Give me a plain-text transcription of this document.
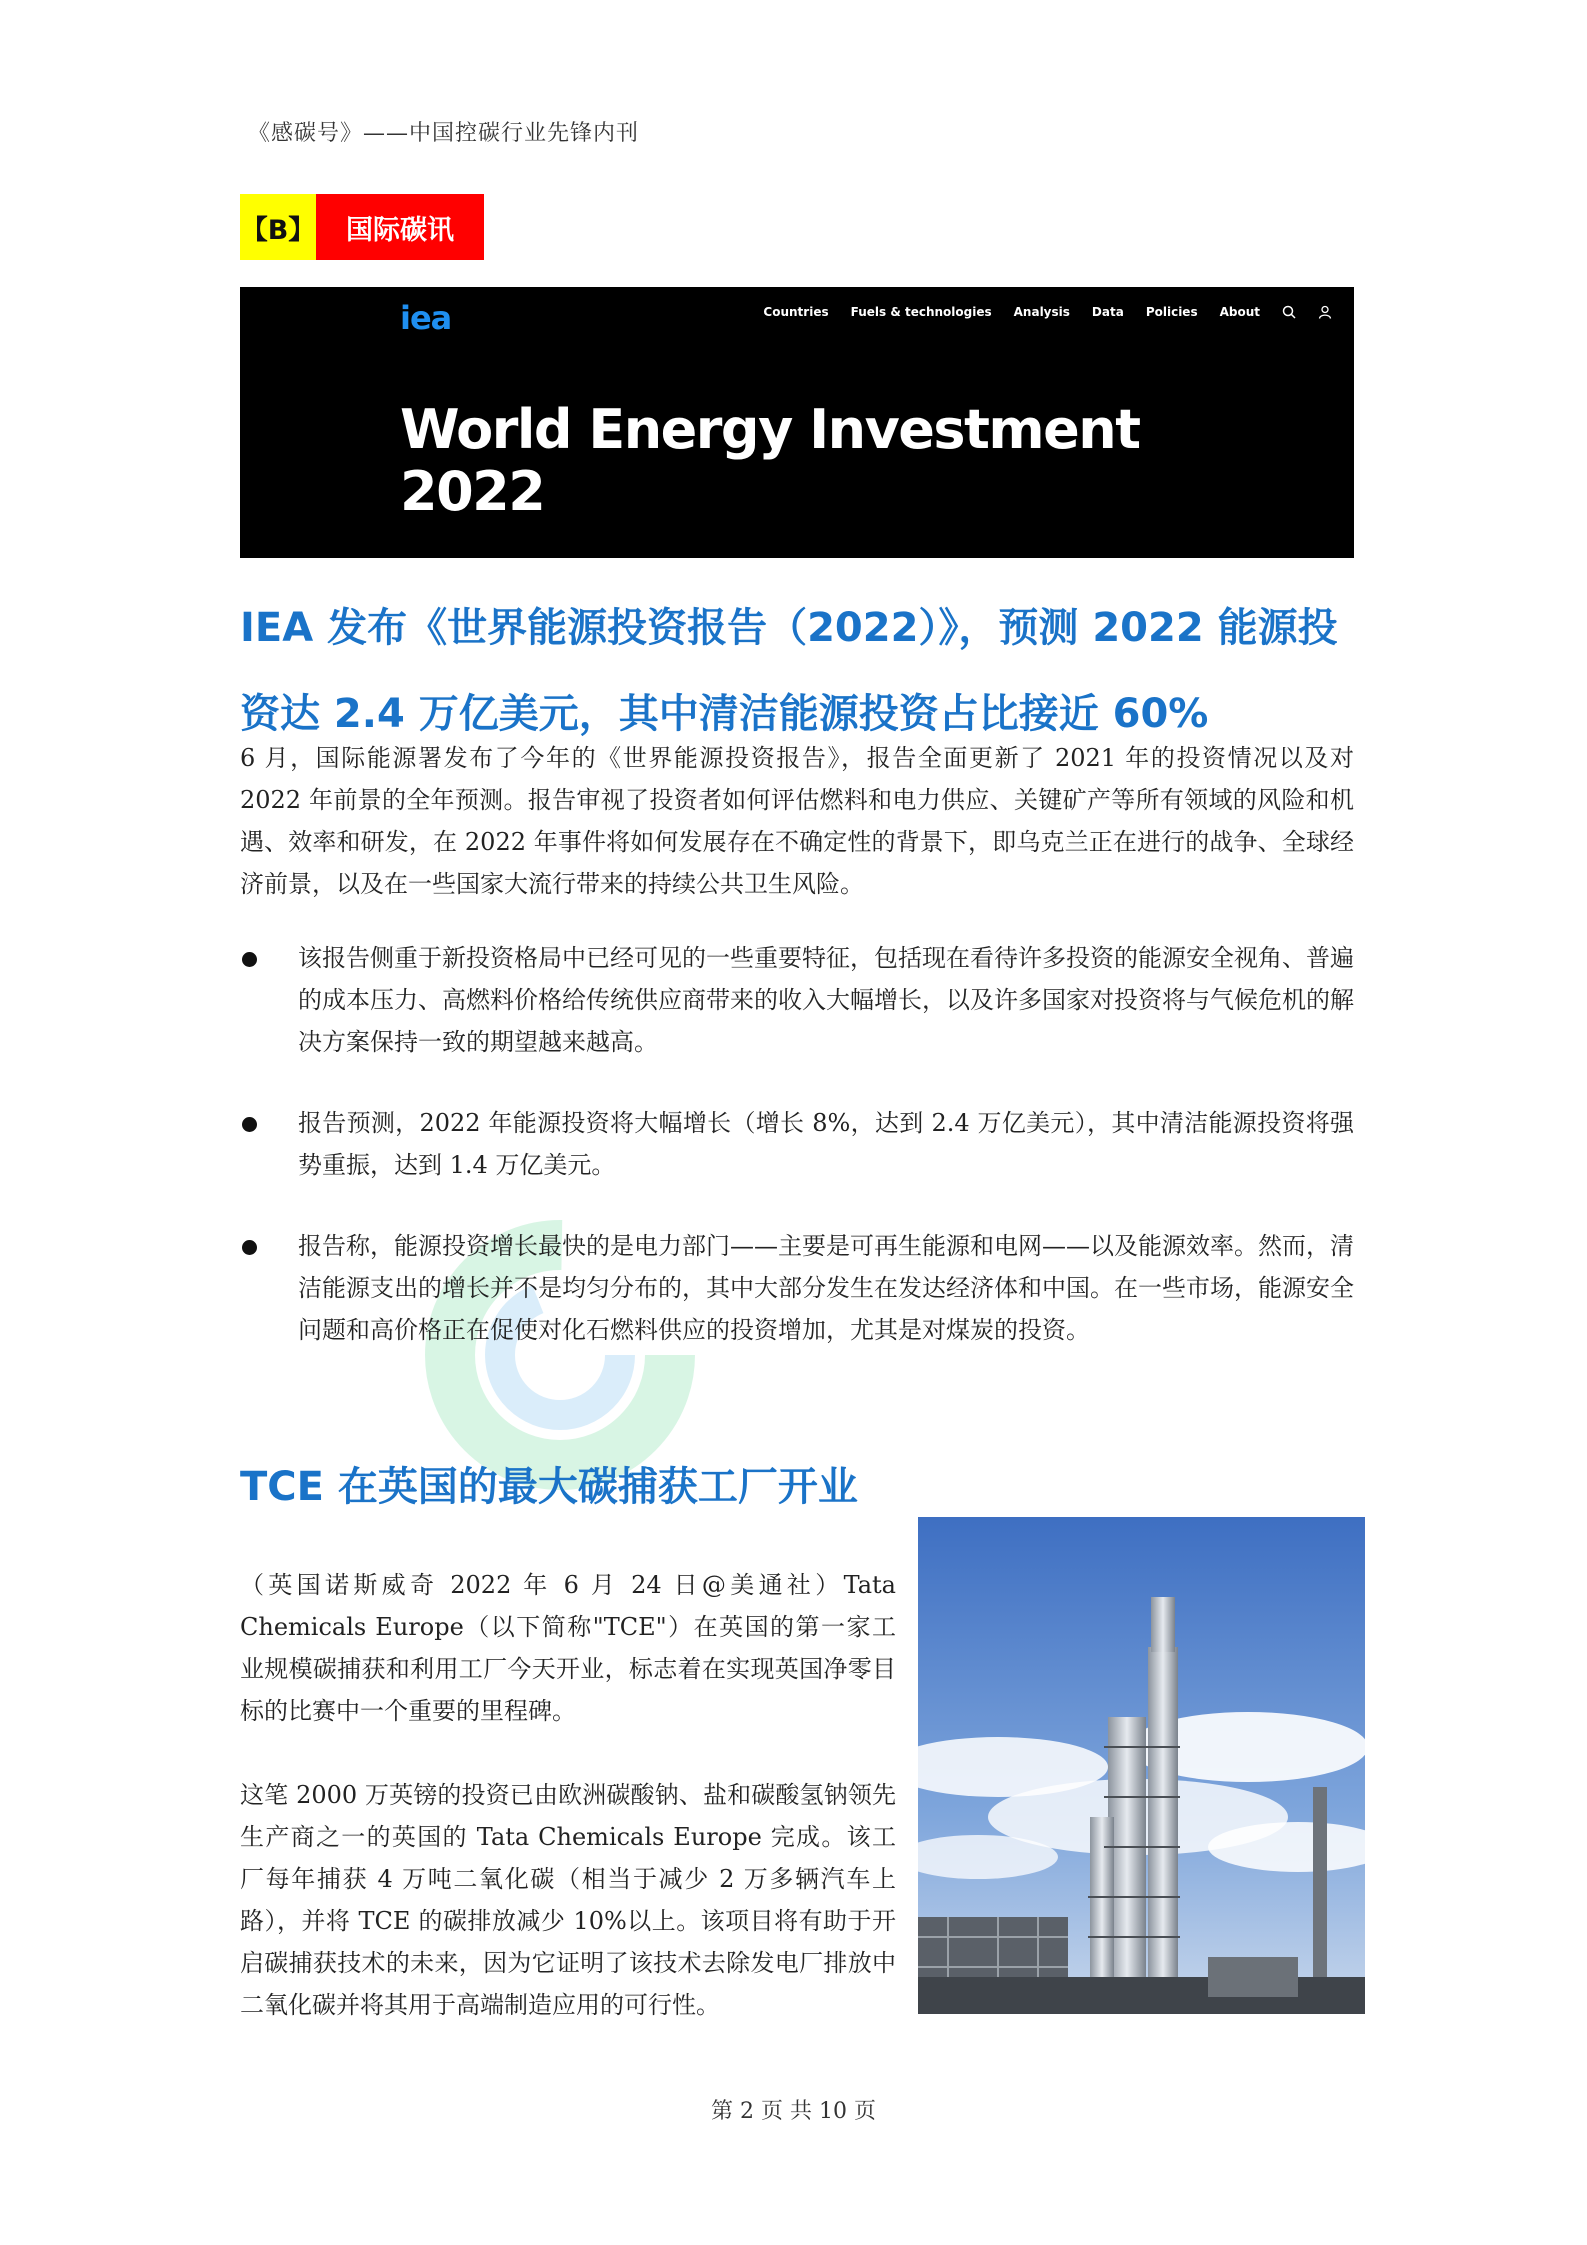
《感碳号》——中国控碳行业先锋内刊
【B】	国际碳讯
iea	Countries Fuels & technologies Analysis Data Policies About
World Energy Investment
2022
IEA 发布《世界能源投资报告（2022）》，预测 2022 能源投资达 2.4 万亿美元，其中清洁能源投资占比接近 60%
6 月，国际能源署发布了今年的《世界能源投资报告》，报告全面更新了 2021 年的投资情况以及对 2022 年前景的全年预测。报告审视了投资者如何评估燃料和电力供应、关键矿产等所有领域的风险和机遇、效率和研发，在 2022 年事件将如何发展存在不确定性的背景下，即乌克兰正在进行的战争、全球经济前景，以及在一些国家大流行带来的持续公共卫生风险。
该报告侧重于新投资格局中已经可见的一些重要特征，包括现在看待许多投资的能源安全视角、普遍的成本压力、高燃料价格给传统供应商带来的收入大幅增长，以及许多国家对投资将与气候危机的解决方案保持一致的期望越来越高。
报告预测，2022 年能源投资将大幅增长（增长 8%，达到 2.4 万亿美元），其中清洁能源投资将强势重振，达到 1.4 万亿美元。
报告称，能源投资增长最快的是电力部门——主要是可再生能源和电网——以及能源效率。然而，清洁能源支出的增长并不是均匀分布的，其中大部分发生在发达经济体和中国。在一些市场，能源安全问题和高价格正在促使对化石燃料供应的投资增加，尤其是对煤炭的投资。
TCE 在英国的最大碳捕获工厂开业
（英国诺斯威奇 2022 年 6 月 24 日@美通社）Tata Chemicals Europe（以下简称"TCE"）在英国的第一家工业规模碳捕获和利用工厂今天开业，标志着在实现英国净零目标的比赛中一个重要的里程碑。
这笔 2000 万英镑的投资已由欧洲碳酸钠、盐和碳酸氢钠领先生产商之一的英国的 Tata Chemicals Europe 完成。该工厂每年捕获 4 万吨二氧化碳（相当于减少 2 万多辆汽车上路），并将 TCE 的碳排放减少 10%以上。该项目将有助于开启碳捕获技术的未来，因为它证明了该技术去除发电厂排放中二氧化碳并将其用于高端制造应用的可行性。
第 2 页 共 10 页
